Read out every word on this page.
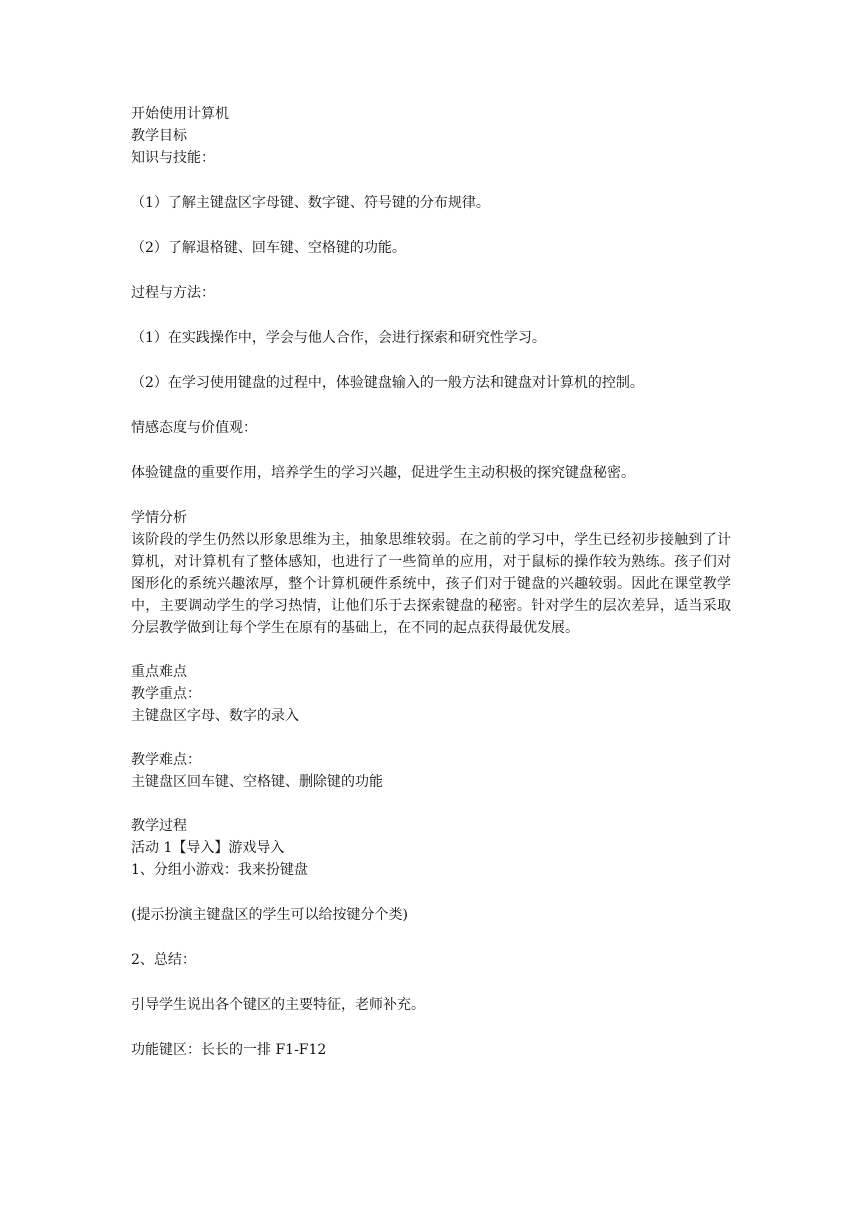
开始使用计算机
教学目标
知识与技能：
（1）了解主键盘区字母键、数字键、符号键的分布规律。
（2）了解退格键、回车键、空格键的功能。
过程与方法：
（1）在实践操作中，学会与他人合作，会进行探索和研究性学习。
（2）在学习使用键盘的过程中，体验键盘输入的一般方法和键盘对计算机的控制。
情感态度与价值观：
体验键盘的重要作用，培养学生的学习兴趣，促进学生主动积极的探究键盘秘密。
学情分析

该阶段的学生仍然以形象思维为主，抽象思维较弱。在之前的学习中，学生已经初步接触到了计算机，对计算机有了整体感知，也进行了一些简单的应用，对于鼠标的操作较为熟练。孩子们对图形化的系统兴趣浓厚，整个计算机硬件系统中，孩子们对于键盘的兴趣较弱。因此在课堂教学中，主要调动学生的学习热情，让他们乐于去探索键盘的秘密。针对学生的层次差异，适当采取分层教学做到让每个学生在原有的基础上，在不同的起点获得最优发展。

重点难点
教学重点：
主键盘区字母、数字的录入
教学难点：
主键盘区回车键、空格键、删除键的功能
教学过程
活动 1【导入】游戏导入
1、分组小游戏：我来扮键盘
(提示扮演主键盘区的学生可以给按键分个类)
2、总结：
引导学生说出各个键区的主要特征，老师补充。
功能键区：长长的一排 F1-F12
